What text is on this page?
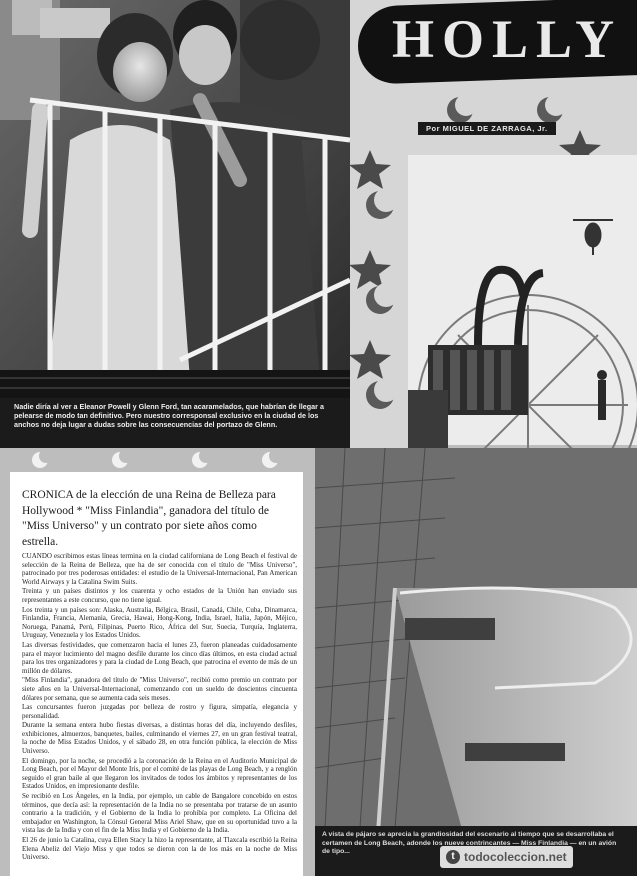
Nadie diría al ver a Eleanor Powell y Glenn Ford, tan acaramelados, que habrían de llegar a pelearse de modo tan definitivo. Pero nuestro corresponsal exclusivo en la ciudad de los anchos no deja lugar a dudas sobre las consecuencias del portazo de Glenn.
HOLLY
Por MIGUEL DE ZARRAGA, Jr.
CRONICA de la elección de una Reina de Belleza para Hollywood * "Miss Finlandia", ganadora del título de "Miss Universo" y un contrato por siete años como estrella.

CUANDO escribimos estas líneas termina en la ciudad californiana de Long Beach el festival de selección de la Reina de Belleza, que ha de ser conocida con el título de "Miss Universo", patrocinado por tres poderosas entidades: el estudio de la Universal-Internacional, Pan American World Airways y la Catalina Swim Suits.

Treinta y un países distintos y los cuarenta y ocho estados de la Unión han enviado sus representantes a este concurso, que no tiene igual.

Los treinta y un países son: Alaska, Australia, Bélgica, Brasil, Canadá, Chile, Cuba, Dinamarca, Finlandia, Francia, Alemania, Grecia, Hawai, Hong-Kong, India, Israel, Italia, Japón, Méjico, Noruega, Panamá, Perú, Filipinas, Puerto Rico, África del Sur, Suecia, Turquía, Inglaterra, Uruguay, Venezuela y los Estados Unidos.

Las diversas festividades, que comenzaron hacia el lunes 23, fueron planeadas cuidadosamente para el mayor lucimiento del magno desfile durante los cinco días últimos, en esta ciudad actual para los tres organizadores y para la ciudad de Long Beach, que patrocina el evento de más de un millón de dólares.

"Miss Finlandia", ganadora del título de "Miss Universo", recibió como premio un contrato por siete años en la Universal-Internacional, comenzando con un sueldo de doscientos cincuenta dólares por semana, que se aumenta cada seis meses.

Las concursantes fueron juzgadas por belleza de rostro y figura, simpatía, elegancia y personalidad.

Durante la semana entera hubo fiestas diversas, a distintas horas del día, incluyendo desfiles, exhibiciones, almuerzos, banquetes, bailes, culminando el viernes 27, en un gran festival teatral, la noche de Miss Estados Unidos, y el sábado 28, en otra función pública, la elección de Miss Universo.

El domingo, por la noche, se procedió a la coronación de la Reina en el Auditorio Municipal de Long Beach, por el Mayor del Monte Iris, por el comité de las playas de Long Beach, y a renglón seguido el gran baile al que llegaron los invitados de todos los ámbitos y representantes de los Estados Unidos, en impresionante desfile.

Se recibió en Los Ángeles, en la India, por ejemplo, un cable de Bangalore concebido en estos términos, que decía así: la representación de la India no se presentaba por tratarse de un asunto contrario a la tradición, y el Gobierno de la India lo prohibía por completo. La Oficina del embajador en Washington, la Cónsul General Miss Ariel Shaw, que en su oportunidad tuvo a la vista las de la India y con el fin de la Miss India y el Gobierno de la India.

El 26 de junio la Catalina, cuya Ellen Stacy la hizo la representante, al Tlaxcala escribió la Reina Elena Abeliz del Viejo Miss y que todos se dieron con la de los más en la noche de Miss Universo.

A vista de pájaro se aprecia la grandiosidad del escenario al tiempo que se desarrollaba el certamen de Long Beach, adonde los nueve contrincantes — Miss Finlandia — en un avión de tipo...	t todocoleccion.net
